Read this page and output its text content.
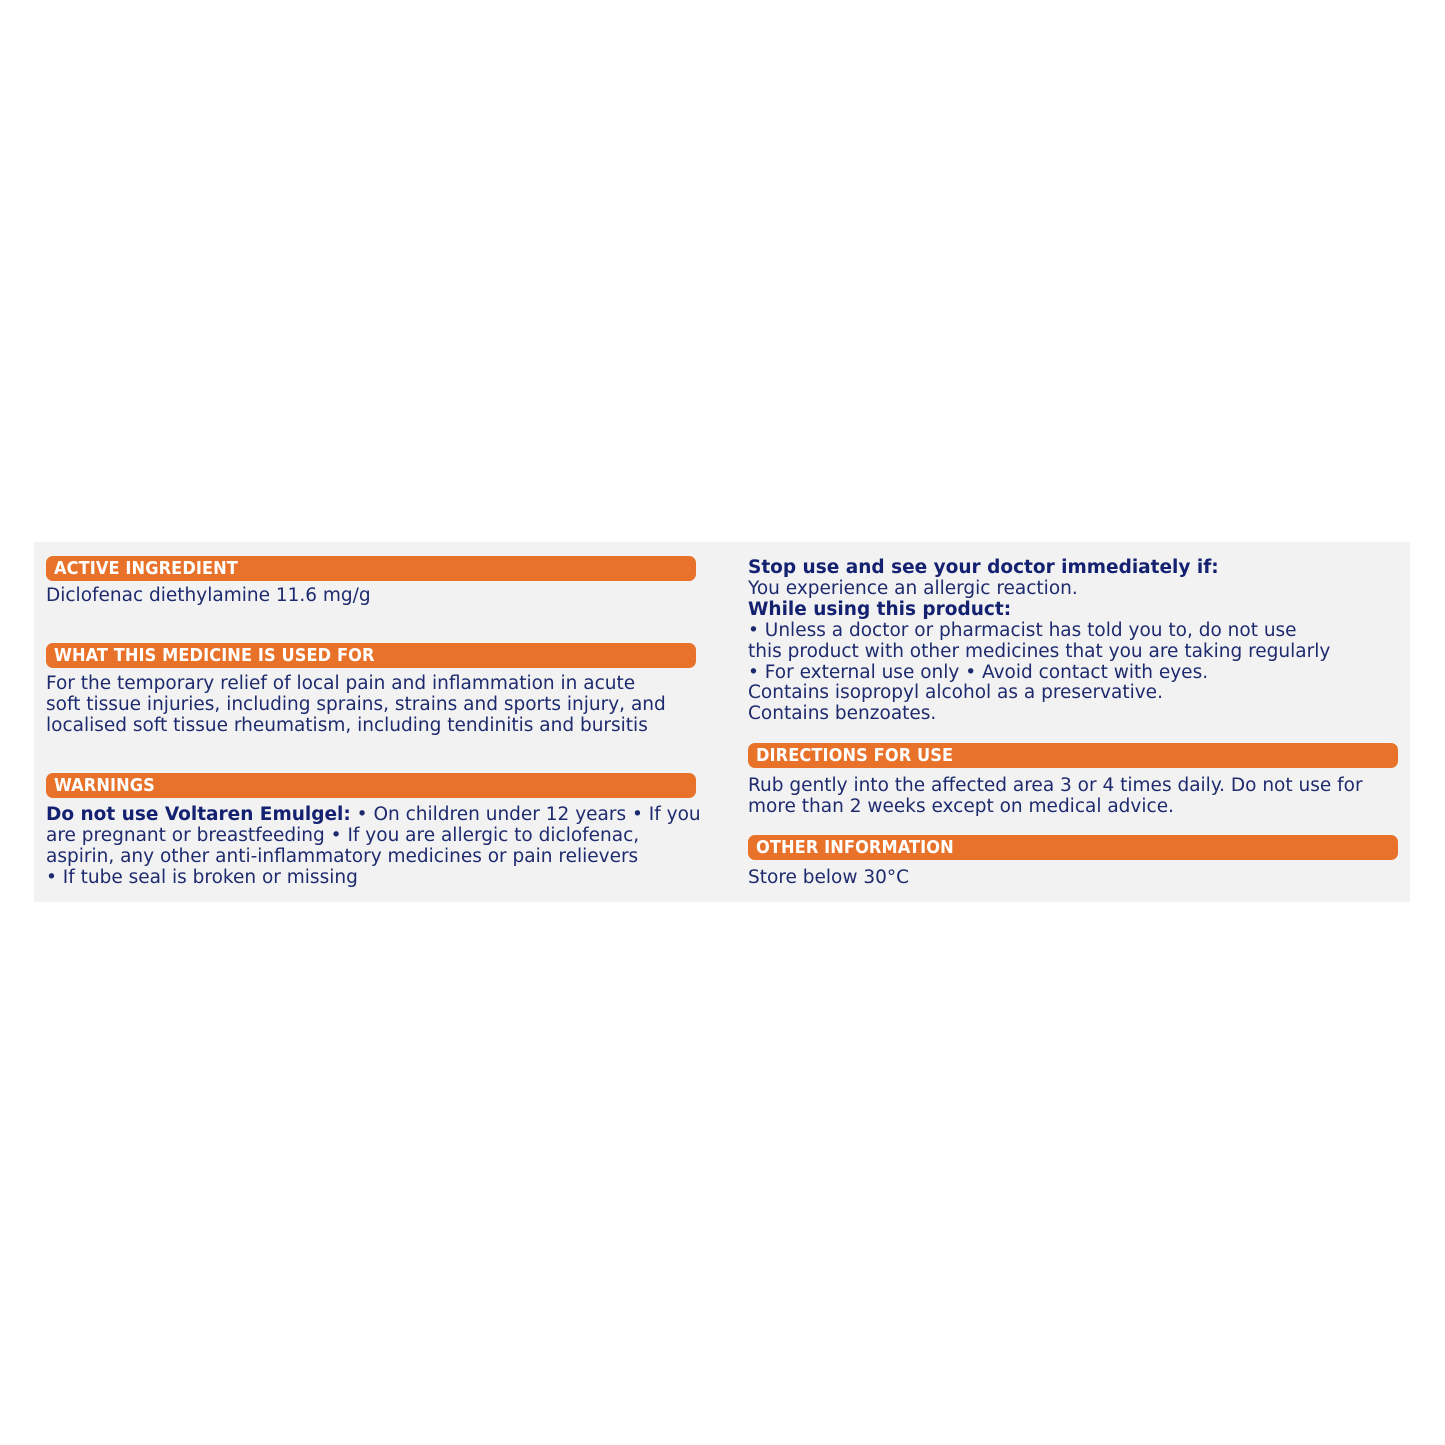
ACTIVE INGREDIENT
Diclofenac diethylamine 11.6 mg/g
WHAT THIS MEDICINE IS USED FOR
For the temporary relief of local pain and inflammation in acute
soft tissue injuries, including sprains, strains and sports injury, and
localised soft tissue rheumatism, including tendinitis and bursitis
WARNINGS
Do not use Voltaren Emulgel: • On children under 12 years • If you
are pregnant or breastfeeding • If you are allergic to diclofenac,
aspirin, any other anti-inflammatory medicines or pain relievers
• If tube seal is broken or missing
Stop use and see your doctor immediately if:
You experience an allergic reaction.
While using this product:
• Unless a doctor or pharmacist has told you to, do not use
this product with other medicines that you are taking regularly
• For external use only • Avoid contact with eyes.
Contains isopropyl alcohol as a preservative.
Contains benzoates.
DIRECTIONS FOR USE
Rub gently into the affected area 3 or 4 times daily. Do not use for
more than 2 weeks except on medical advice.
OTHER INFORMATION
Store below 30°C
